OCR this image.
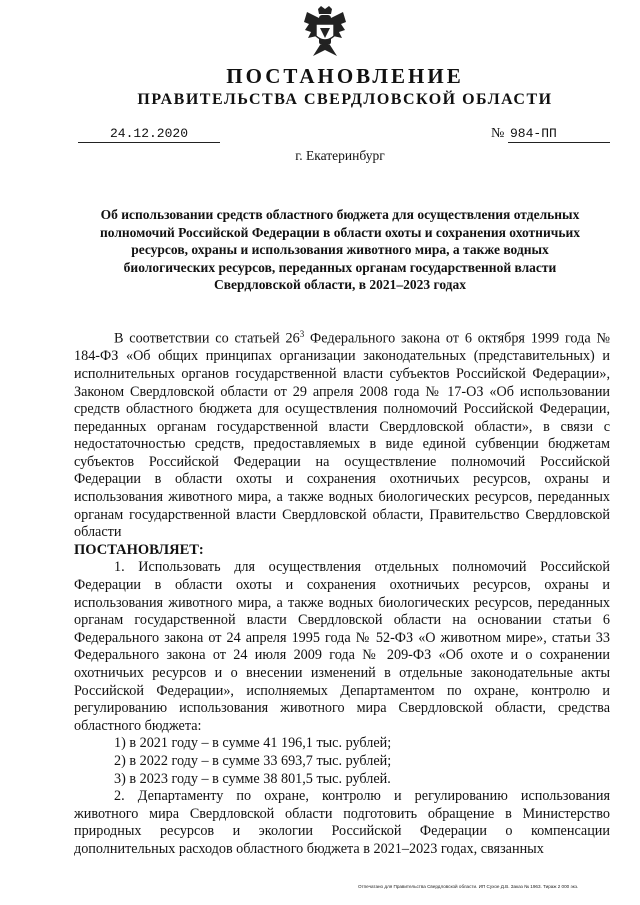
ПОСТАНОВЛЕНИЕ
ПРАВИТЕЛЬСТВА СВЕРДЛОВСКОЙ ОБЛАСТИ
24.12.2020	№ 984-ПП
г. Екатеринбург
Об использовании средств областного бюджета для осуществления отдельных полномочий Российской Федерации в области охоты и сохранения охотничьих ресурсов, охраны и использования животного мира, а также водных биологических ресурсов, переданных органам государственной власти Свердловской области, в 2021–2023 годах

В соответствии со статьей $26^3$ Федерального закона от 6 октября 1999 года № 184-ФЗ «Об общих принципах организации законодательных (представительных) и исполнительных органов государственной власти субъектов Российской Федерации», Законом Свердловской области от 29 апреля 2008 года № 17-ОЗ «Об использовании средств областного бюджета для осуществления полномочий Российской Федерации, переданных органам государственной власти Свердловской области», в связи с недостаточностью средств, предоставляемых в виде единой субвенции бюджетам субъектов Российской Федерации на осуществление полномочий Российской Федерации в области охоты и сохранения охотничьих ресурсов, охраны и использования животного мира, а также водных биологических ресурсов, переданных органам государственной власти Свердловской области, Правительство Свердловской области

ПОСТАНОВЛЯЕТ:

1. Использовать для осуществления отдельных полномочий Российской Федерации в области охоты и сохранения охотничьих ресурсов, охраны и использования животного мира, а также водных биологических ресурсов, переданных органам государственной власти Свердловской области на основании статьи 6 Федерального закона от 24 апреля 1995 года № 52-ФЗ «О животном мире», статьи 33 Федерального закона от 24 июля 2009 года № 209-ФЗ «Об охоте и о сохранении охотничьих ресурсов и о внесении изменений в отдельные законодательные акты Российской Федерации», исполняемых Департаментом по охране, контролю и регулированию использования животного мира Свердловской области, средства областного бюджета:

1) в 2021 году – в сумме 41 196,1 тыс. рублей;

2) в 2022 году – в сумме 33 693,7 тыс. рублей;

3) в 2023 году – в сумме 38 801,5 тыс. рублей.

2. Департаменту по охране, контролю и регулированию использования животного мира Свердловской области подготовить обращение в Министерство природных ресурсов и экологии Российской Федерации о компенсации дополнительных расходов областного бюджета в 2021–2023 годах, связанных

Отпечатано для Правительства Свердловской области. ИП Сухое Д.В. Заказ № 1963. Тираж 2 000 экз.
